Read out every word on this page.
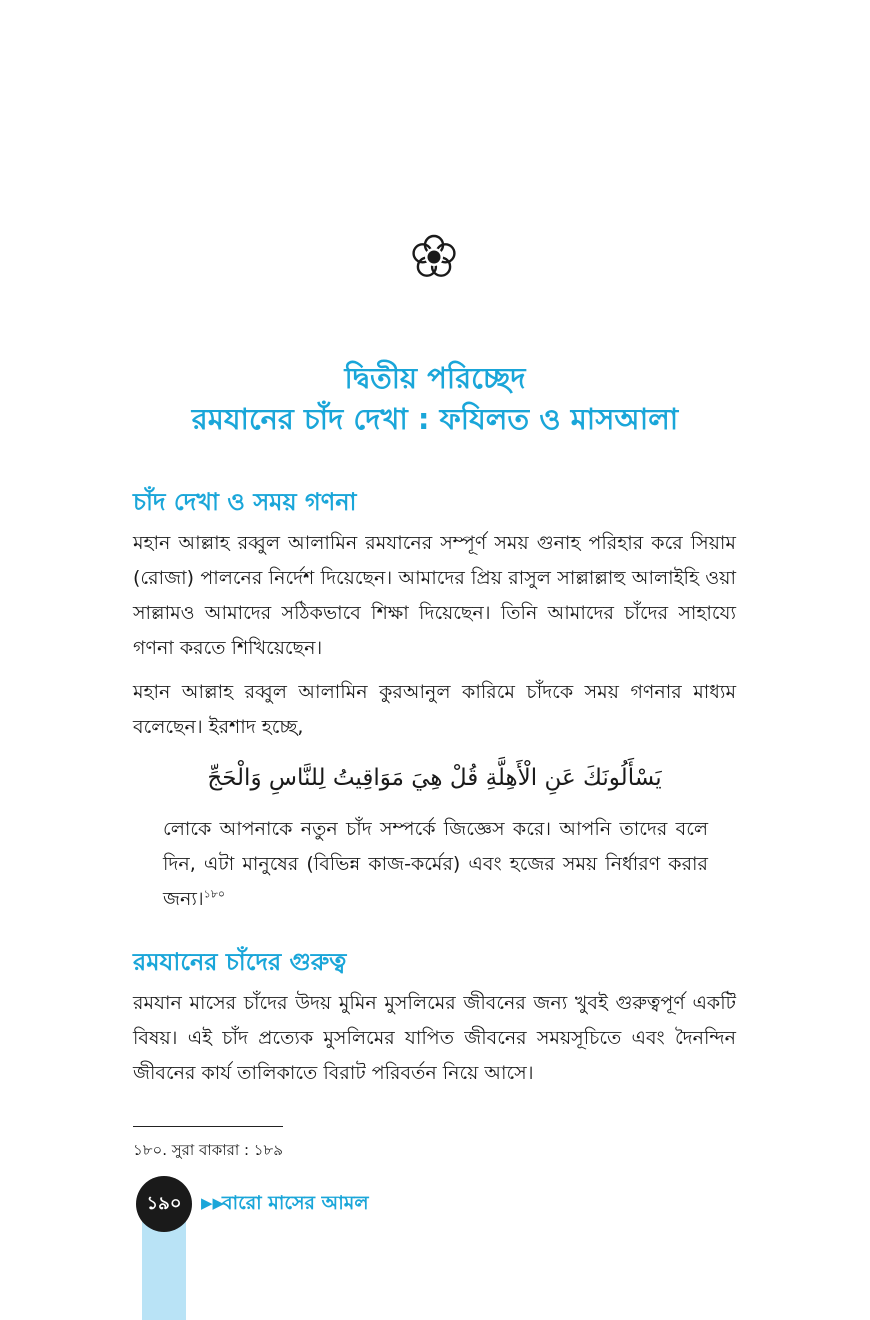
দ্বিতীয় পরিচ্ছেদ
রমযানের চাঁদ দেখা : ফযিলত ও মাসআলা
চাঁদ দেখা ও সময় গণনা

মহান আল্লাহ রব্বুল আলামিন রমযানের সম্পূর্ণ সময় গুনাহ পরিহার করে সিয়াম (রোজা) পালনের নির্দেশ দিয়েছেন। আমাদের প্রিয় রাসুল সাল্লাল্লাহু আলাইহি ওয়া সাল্লামও আমাদের সঠিকভাবে শিক্ষা দিয়েছেন। তিনি আমাদের চাঁদের সাহায্যে গণনা করতে শিখিয়েছেন।

মহান আল্লাহ রব্বুল আলামিন কুরআনুল কারিমে চাঁদকে সময় গণনার মাধ্যম বলেছেন। ইরশাদ হচ্ছে,

يَسْأَلُونَكَ عَنِ الْأَهِلَّةِ قُلْ هِيَ مَوَاقِيتُ لِلنَّاسِ وَالْحَجِّ

লোকে আপনাকে নতুন চাঁদ সম্পর্কে জিজ্ঞেস করে। আপনি তাদের বলে দিন, এটা মানুষের (বিভিন্ন কাজ-কর্মের) এবং হজের সময় নির্ধারণ করার জন্য।$^{১৮০}$

রমযানের চাঁদের গুরুত্ব

রমযান মাসের চাঁদের উদয় মুমিন মুসলিমের জীবনের জন্য খুবই গুরুত্বপূর্ণ একটি বিষয়। এই চাঁদ প্রত্যেক মুসলিমের যাপিত জীবনের সময়সূচিতে এবং দৈনন্দিন জীবনের কার্য তালিকাতে বিরাট পরিবর্তন নিয়ে আসে।

১৮০. সুরা বাকারা : ১৮৯
১৯০ ▶▶
বারো মাসের আমল
